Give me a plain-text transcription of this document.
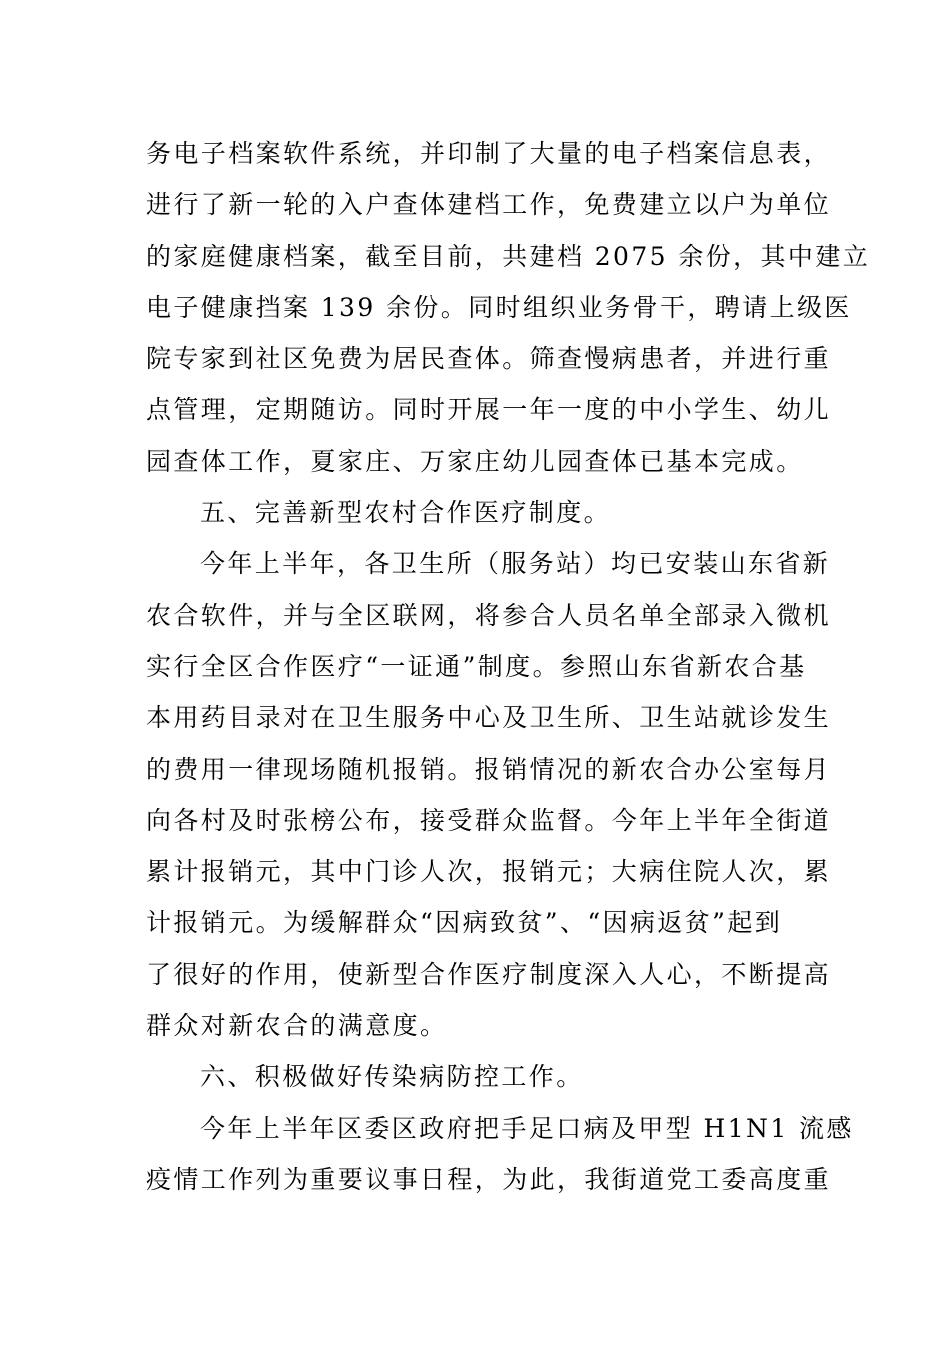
务电子档案软件系统，并印制了大量的电子档案信息表，
进行了新一轮的入户查体建档工作，免费建立以户为单位
的家庭健康档案，截至目前，共建档 2075 余份，其中建立
电子健康挡案 139 余份。同时组织业务骨干，聘请上级医
院专家到社区免费为居民查体。筛查慢病患者，并进行重
点管理，定期随访。同时开展一年一度的中小学生、幼儿
园查体工作，夏家庄、万家庄幼儿园查体已基本完成。
五、完善新型农村合作医疗制度。
今年上半年，各卫生所（服务站）均已安装山东省新
农合软件，并与全区联网，将参合人员名单全部录入微机
实行全区合作医疗“一证通”制度。参照山东省新农合基
本用药目录对在卫生服务中心及卫生所、卫生站就诊发生
的费用一律现场随机报销。报销情况的新农合办公室每月
向各村及时张榜公布，接受群众监督。今年上半年全街道
累计报销元，其中门诊人次，报销元；大病住院人次，累
计报销元。为缓解群众“因病致贫”、“因病返贫”起到
了很好的作用，使新型合作医疗制度深入人心，不断提高
群众对新农合的满意度。
六、积极做好传染病防控工作。
今年上半年区委区政府把手足口病及甲型 H1N1 流感
疫情工作列为重要议事日程，为此，我街道党工委高度重
